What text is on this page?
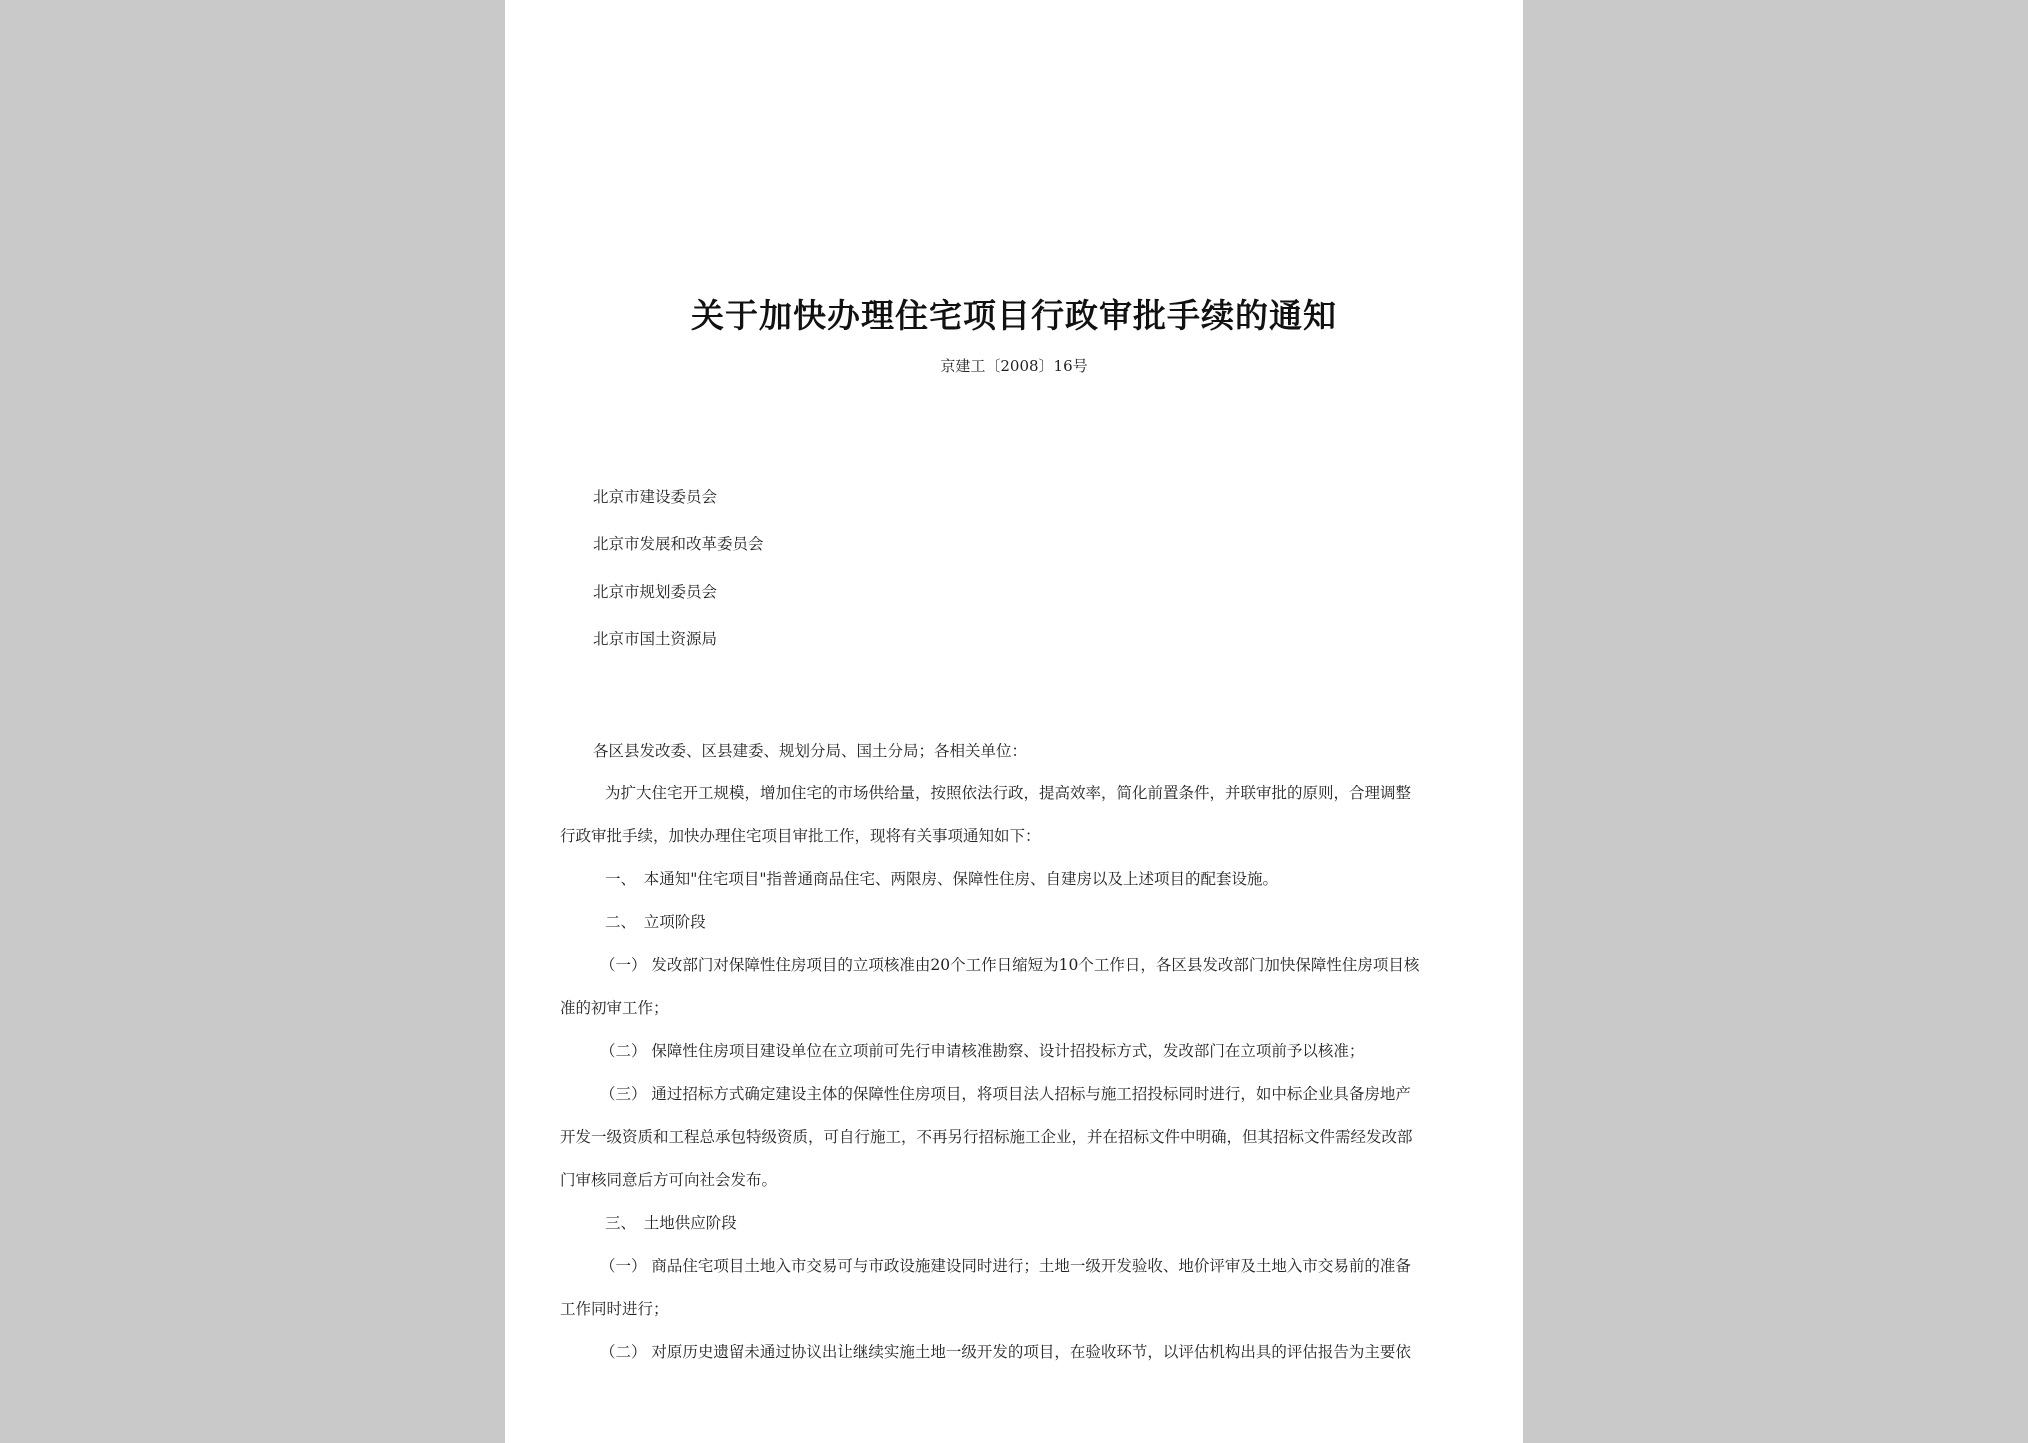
关于加快办理住宅项目行政审批手续的通知
京建工〔2008〕16号
北京市建设委员会
北京市发展和改革委员会
北京市规划委员会
北京市国土资源局
各区县发改委、区县建委、规划分局、国土分局；各相关单位：
为扩大住宅开工规模，增加住宅的市场供给量，按照依法行政，提高效率，简化前置条件，并联审批的原则，合理调整
行政审批手续，加快办理住宅项目审批工作，现将有关事项通知如下：
一、　本通知"住宅项目"指普通商品住宅、两限房、保障性住房、自建房以及上述项目的配套设施。
二、　立项阶段
（一） 发改部门对保障性住房项目的立项核准由20个工作日缩短为10个工作日，各区县发改部门加快保障性住房项目核
准的初审工作；
（二） 保障性住房项目建设单位在立项前可先行申请核准勘察、设计招投标方式，发改部门在立项前予以核准；
（三） 通过招标方式确定建设主体的保障性住房项目，将项目法人招标与施工招投标同时进行，如中标企业具备房地产
开发一级资质和工程总承包特级资质，可自行施工，不再另行招标施工企业，并在招标文件中明确，但其招标文件需经发改部
门审核同意后方可向社会发布。
三、　土地供应阶段
（一） 商品住宅项目土地入市交易可与市政设施建设同时进行；土地一级开发验收、地价评审及土地入市交易前的准备
工作同时进行；
（二） 对原历史遗留未通过协议出让继续实施土地一级开发的项目，在验收环节，以评估机构出具的评估报告为主要依
